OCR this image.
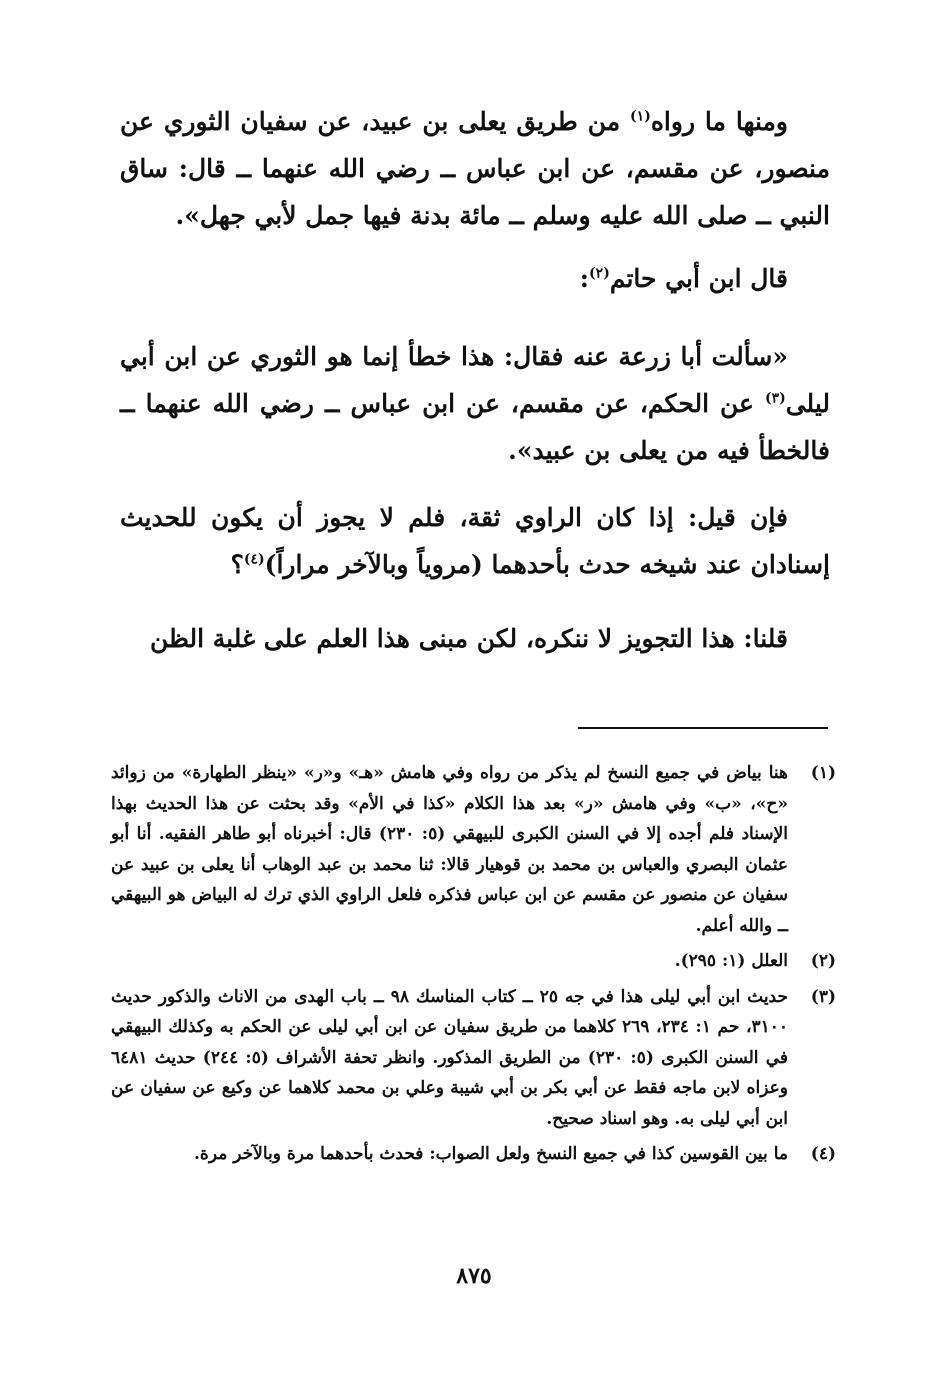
ومنها ما رواه$^{(١)}$ من طريق يعلى بن عبيد، عن سفيان الثوري عن منصور، عن مقسم، عن ابن عباس ــ رضي الله عنهما ــ قال: ساق النبي ــ صلى الله عليه وسلم ــ مائة بدنة فيها جمل لأبي جهل».

قال ابن أبي حاتم$^{(٢)}$:

«سألت أبا زرعة عنه فقال: هذا خطأ إنما هو الثوري عن ابن أبي ليلى$^{(٣)}$ عن الحكم، عن مقسم، عن ابن عباس ــ رضي الله عنهما ــ فالخطأ فيه من يعلى بن عبيد».

فإن قيل: إذا كان الراوي ثقة، فلم لا يجوز أن يكون للحديث إسنادان عند شيخه حدث بأحدهما (مروياً وبالآخر مراراً)$^{(٤)}$؟

قلنا: هذا التجويز لا ننكره، لكن مبنى هذا العلم على غلبة الظن

(١)
هنا بياض في جميع النسخ لم يذكر من رواه وفي هامش «هـ» و«ر» «ينظر الطهارة» من زوائد «ح»، «ب» وفي هامش «ر» بعد هذا الكلام «كذا في الأم» وقد بحثت عن هذا الحديث بهذا الإسناد فلم أجده إلا في السنن الكبرى للبيهقي (٥: ٢٣٠) قال: أخبرناه أبو طاهر الفقيه. أنا أبو عثمان البصري والعباس بن محمد بن قوهيار قالا: ثنا محمد بن عبد الوهاب أنا يعلى بن عبيد عن سفيان عن منصور عن مقسم عن ابن عباس فذكره فلعل الراوي الذي ترك له البياض هو البيهقي ــ والله أعلم.
(٢)
العلل (١: ٢٩٥).
(٣)
حديث ابن أبي ليلى هذا في جه ٢٥ ــ كتاب المناسك ٩٨ ــ باب الهدى من الاناث والذكور حديث ٣١٠٠، حم ١: ٢٣٤، ٢٦٩ كلاهما من طريق سفيان عن ابن أبي ليلى عن الحكم به وكذلك البيهقي في السنن الكبرى (٥: ٢٣٠) من الطريق المذكور. وانظر تحفة الأشراف (٥: ٢٤٤) حديث ٦٤٨١ وعزاه لابن ماجه فقط عن أبي بكر بن أبي شيبة وعلي بن محمد كلاهما عن وكيع عن سفيان عن ابن أبي ليلى به. وهو اسناد صحيح.
(٤)
ما بين القوسين كذا في جميع النسخ ولعل الصواب: فحدث بأحدهما مرة وبالآخر مرة.
٨٧٥
